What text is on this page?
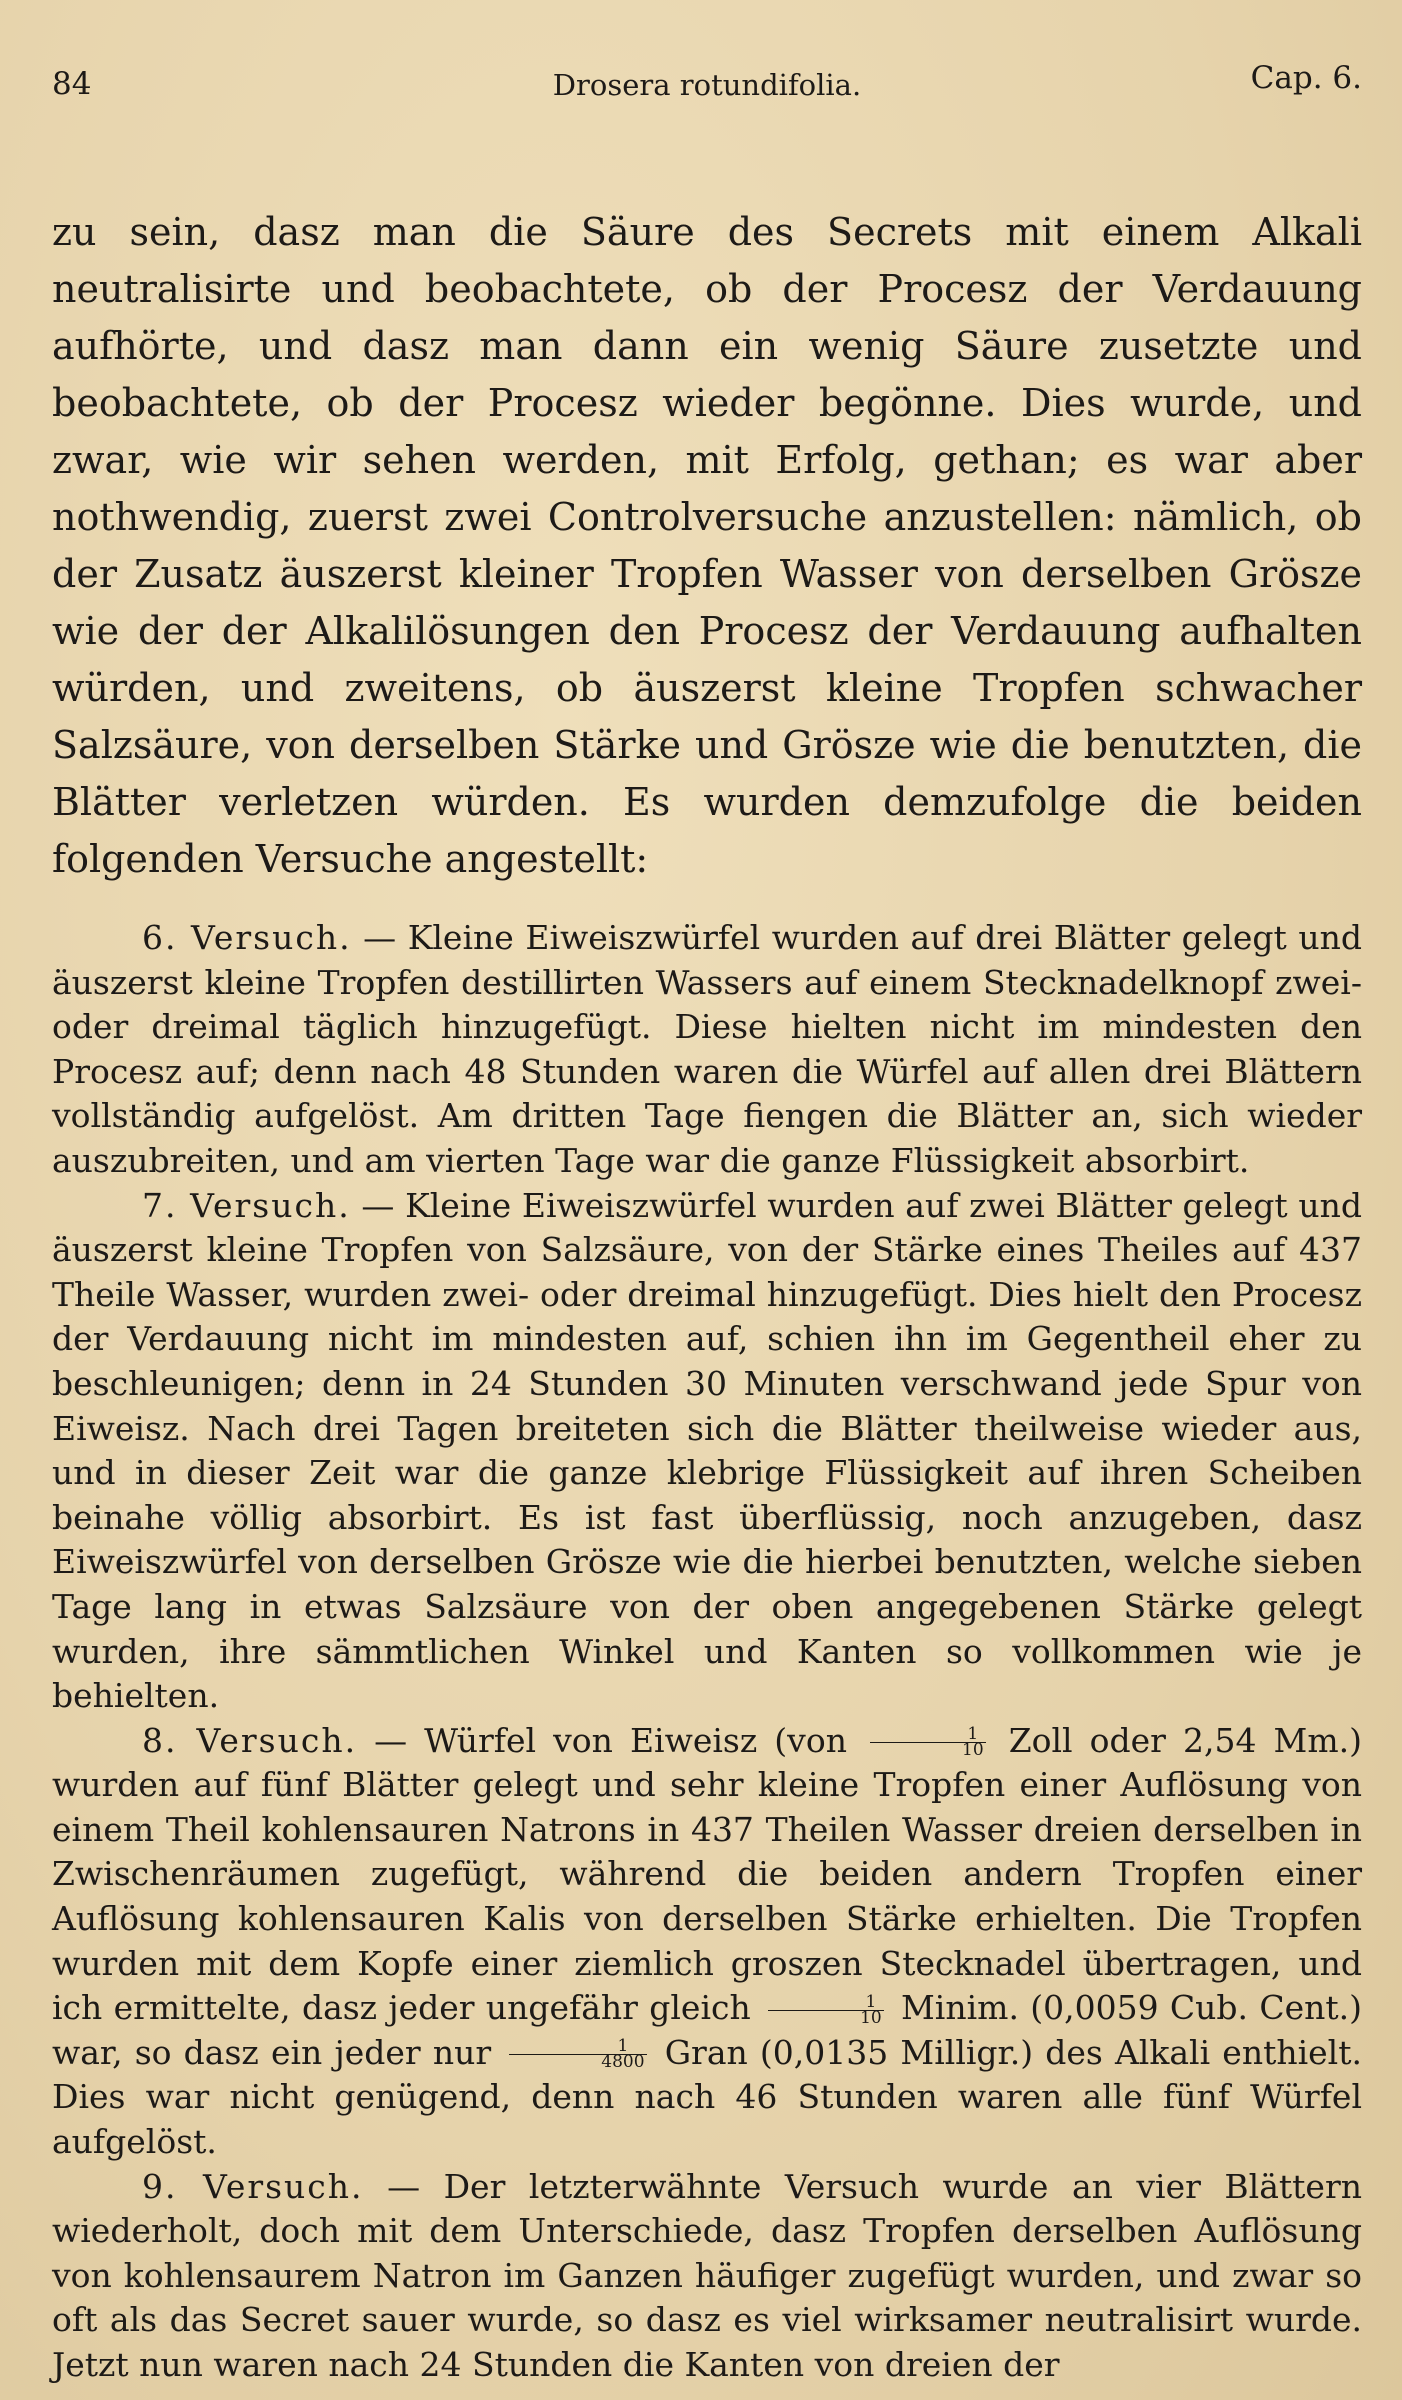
84	Drosera rotundifolia.	Cap. 6.

zu sein, dasz man die Säure des Secrets mit einem Alkali neutralisirte und beobachtete, ob der Procesz der Verdauung aufhörte, und dasz man dann ein wenig Säure zusetzte und beobachtete, ob der Procesz wieder begönne. Dies wurde, und zwar, wie wir sehen werden, mit Erfolg, gethan; es war aber nothwendig, zuerst zwei Controlversuche anzustellen: nämlich, ob der Zusatz äuszerst kleiner Tropfen Wasser von derselben Grösze wie der der Alkalilösungen den Procesz der Verdauung aufhalten würden, und zweitens, ob äuszerst kleine Tropfen schwacher Salzsäure, von derselben Stärke und Grösze wie die benutzten, die Blätter verletzen würden. Es wurden demzufolge die beiden folgenden Versuche angestellt:

6. Versuch. — Kleine Eiweiszwürfel wurden auf drei Blätter gelegt und äuszerst kleine Tropfen destillirten Wassers auf einem Stecknadelknopf zwei- oder dreimal täglich hinzugefügt. Diese hielten nicht im mindesten den Procesz auf; denn nach 48 Stunden waren die Würfel auf allen drei Blättern vollständig aufgelöst. Am dritten Tage fiengen die Blätter an, sich wieder auszubreiten, und am vierten Tage war die ganze Flüssigkeit absorbirt.

7. Versuch. — Kleine Eiweiszwürfel wurden auf zwei Blätter gelegt und äuszerst kleine Tropfen von Salzsäure, von der Stärke eines Theiles auf 437 Theile Wasser, wurden zwei- oder dreimal hinzugefügt. Dies hielt den Procesz der Verdauung nicht im mindesten auf, schien ihn im Gegentheil eher zu beschleunigen; denn in 24 Stunden 30 Minuten verschwand jede Spur von Eiweisz. Nach drei Tagen breiteten sich die Blätter theilweise wieder aus, und in dieser Zeit war die ganze klebrige Flüssigkeit auf ihren Scheiben beinahe völlig absorbirt. Es ist fast überflüssig, noch anzugeben, dasz Eiweiszwürfel von derselben Grösze wie die hierbei benutzten, welche sieben Tage lang in etwas Salzsäure von der oben angegebenen Stärke gelegt wurden, ihre sämmtlichen Winkel und Kanten so vollkommen wie je behielten.

8. Versuch. — Würfel von Eiweisz ($von \frac{1}{10}$ Zoll oder 2,54 Mm.) wurden auf fünf Blätter gelegt und sehr kleine Tropfen einer Auflösung von einem Theil kohlensauren Natrons in 437 Theilen Wasser dreien derselben in Zwischenräumen zugefügt, während die beiden andern Tropfen einer Auflösung kohlensauren Kalis von derselben Stärke erhielten. Die Tropfen wurden mit dem Kopfe einer ziemlich groszen Stecknadel übertragen, und ich ermittelte, dasz jeder ungefähr gleich $\frac{1}{10}$ Minim. (0,0059 Cub. Cent.) war, so dasz ein jeder nur $\frac{1}{4800}$ Gran (0,0135 Milligr.) des Alkali enthielt. Dies war nicht genügend, denn nach 46 Stunden waren alle fünf Würfel aufgelöst.

9. Versuch. — Der letzterwähnte Versuch wurde an vier Blättern wiederholt, doch mit dem Unterschiede, dasz Tropfen derselben Auflösung von kohlensaurem Natron im Ganzen häufiger zugefügt wurden, und zwar so oft als das Secret sauer wurde, so dasz es viel wirksamer neutralisirt wurde. Jetzt nun waren nach 24 Stunden die Kanten von dreien der
